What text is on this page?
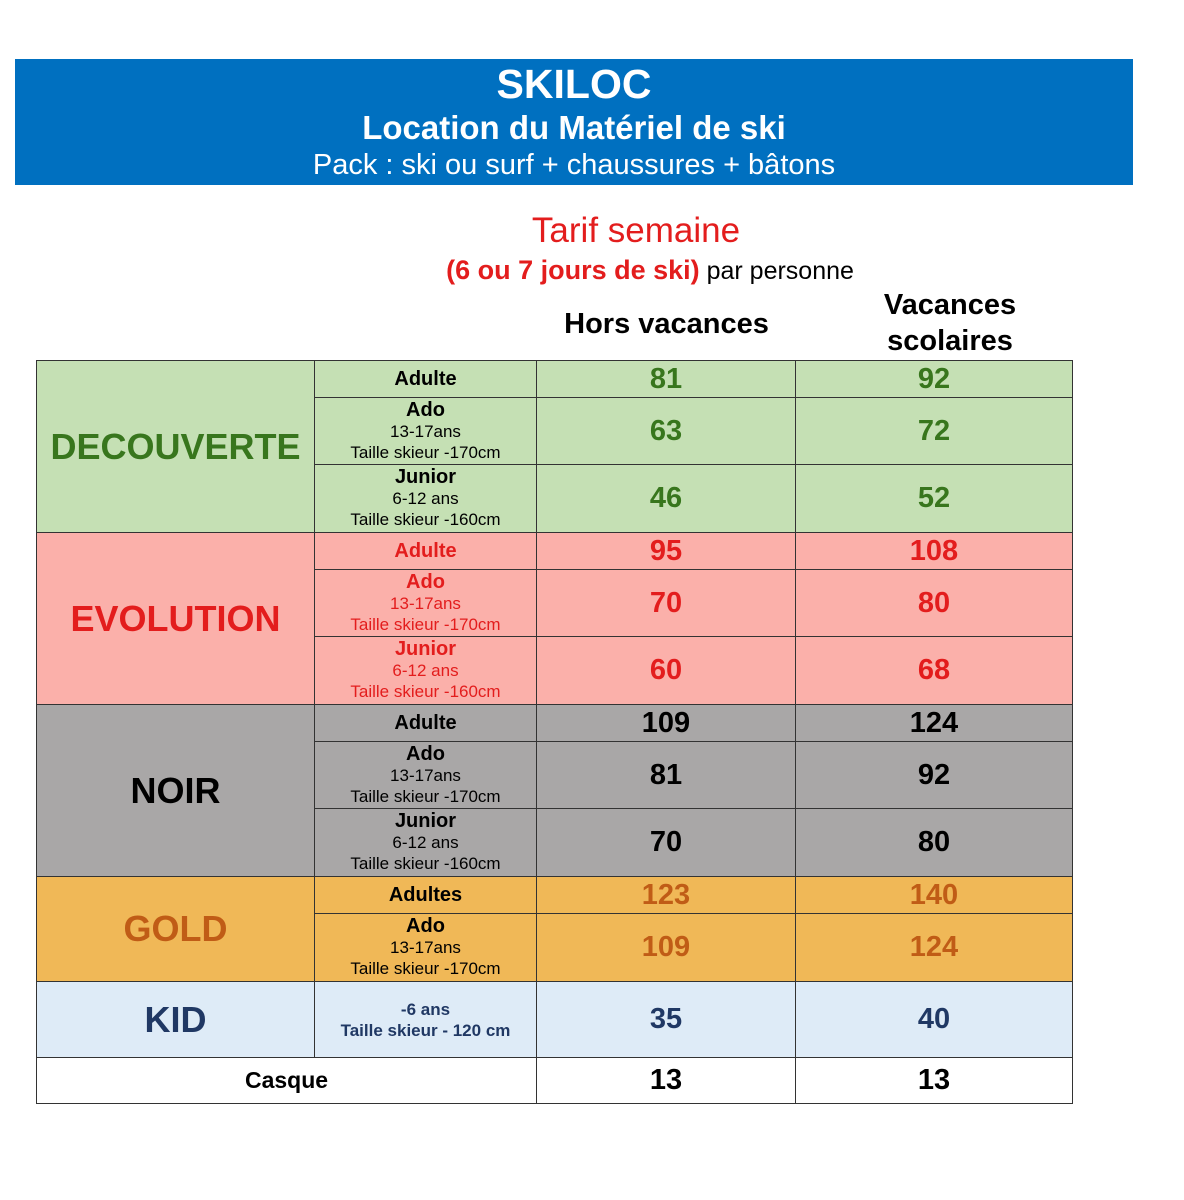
SKILOC
Location du Matériel de ski
Pack : ski ou surf + chaussures + bâtons
Tarif semaine
(6 ou 7 jours de ski) par personne
Hors vacances
Vacances
scolaires
DECOUVERTE	Adulte	81	92

	Ado
13-17ans
Taille skieur -170cm	63	72

	Junior
6-12 ans
Taille skieur -160cm	46	52
EVOLUTION	Adulte	95	108

	Ado
13-17ans
Taille skieur -170cm	70	80

	Junior
6-12 ans
Taille skieur -160cm	60	68
NOIR	Adulte	109	124

	Ado
13-17ans
Taille skieur -170cm	81	92

	Junior
6-12 ans
Taille skieur -160cm	70	80
GOLD	Adultes	123	140

	Ado
13-17ans
Taille skieur -170cm	109	124
KID	-6 ans
Taille skieur - 120 cm	35	40
Casque		13	13
